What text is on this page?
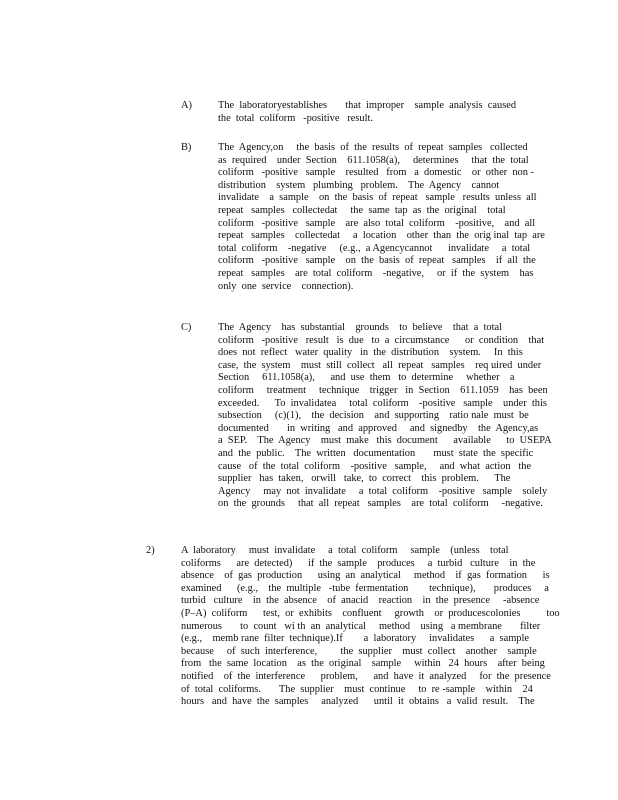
A)	The  laboratoryestablishes       that  improper    sample  analysis  caused
the  total  coliform   -positive   result.
B)	The  Agency,on     the  basis  of  the  results  of  repeat  samples   collected
as  required    under  Section    611.1058(a),     determines     that  the  total
coliform   -positive   sample    resulted   from   a  domestic    or  other  non -
distribution    system   plumbing   problem.    The  Agency    cannot
invalidate    a  sample    on  the  basis  of  repeat   sample   results  unless  all
repeat   samples   collectedat     the  same  tap  as  the  original    total
coliform   -positive   sample    are  also  total  coliform    -positive,    and  all
repeat   samples    collectedat     a  location    other  than  the  orig inal  tap  are
total  coliform    -negative     (e.g.,  a Agencycannot      invalidate     a  total
coliform   -positive   sample    on  the  basis  of  repeat   samples    if  all  the
repeat   samples    are  total  coliform    -negative,     or  if  the  system    has
only  one  service    connection).
C)	The  Agency    has  substantial    grounds    to  believe    that  a  total
coliform   -positive   result   is  due   to  a  circumstance      or  condition    that
does  not  reflect   water  quality   in  the  distribution    system.     In  this
case,  the  system    must  still  collect   all  repeat   samples    req uired  under
Section     611.1058(a),      and  use  them   to  determine     whether    a
coliform     treatment     technique    trigger   in  Section    611.1059    has  been
exceeded.      To  invalidatea     total  coliform    -positive   sample    under  this
subsection     (c)(1),    the  decision    and  supporting    ratio nale  must  be
documented       in  writing   and  approved     and  signedby    the  Agency,as
a  SEP.    The  Agency    must  make   this  document      available      to  USEPA
and  the  public.    The  written   documentation       must  state  the  specific
cause   of  the  total  coliform    -positive   sample,     and  what  action   the
supplier   has  taken,   orwill   take,  to  correct    this  problem.      The
Agency     may  not  invalidate     a  total  coliform    -positive   sample    solely
on  the  grounds     that  all  repeat   samples    are  total  coliform     -negative.
2)	A  laboratory     must  invalidate     a  total  coliform     sample    (unless    total
coliforms      are  detected)      if  the  sample    produces     a  turbid   culture    in  the
absence    of  gas  production      using  an  analytical     method    if  gas  formation      is
examined      (e.g.,    the  multiple   -tube  fermentation        technique),       produces     a
turbid   culture    in  the  absence    of  anacid    reaction    in  the  presence     -absence
(P–A)  coliform      test,  or  exhibits    confluent     growth    or  producescolonies          too
numerous       to  count   wi th  an  analytical     method    using   a membrane       filter
(e.g.,    memb rane  filter  technique).If        a  laboratory     invalidates      a  sample
because     of  such  interference,         the  supplier    must  collect    another    sample
from   the  same  location    as  the  original    sample     within   24  hours    after  being
notified    of  the  interference      problem,      and  have  it  analyzed     for  the  presence
of  total  coliforms.       The  supplier    must  continue     to  re -sample    within    24
hours   and  have  the  samples     analyzed      until  it  obtains   a  valid  result.    The
